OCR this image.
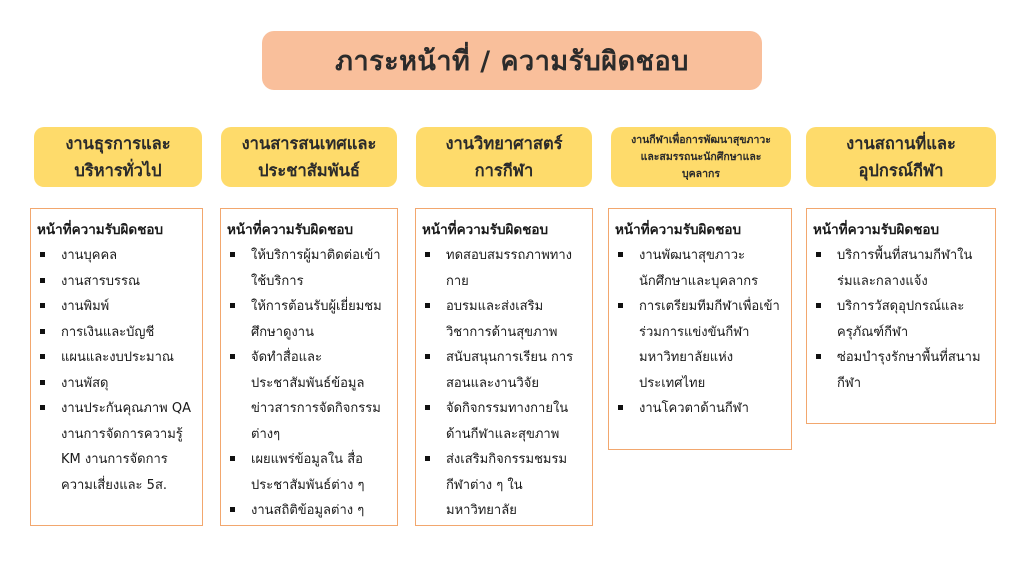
ภาระหน้าที่ / ความรับผิดชอบ
งานธุรการและ
บริหารทั่วไป
หน้าที่ความรับผิดชอบ
งานบุคคล
งานสารบรรณ
งานพิมพ์
การเงินและบัญชี
แผนและงบประมาณ
งานพัสดุ
งานประกันคุณภาพ QA งานการจัดการความรู้ KM งานการจัดการความเสี่ยงและ 5ส.
งานสารสนเทศและ
ประชาสัมพันธ์
หน้าที่ความรับผิดชอบ
ให้บริการผู้มาติดต่อเข้าใช้บริการ
ให้การต้อนรับผู้เยี่ยมชม ศึกษาดูงาน
จัดทำสื่อและประชาสัมพันธ์ข้อมูลข่าวสารการจัดกิจกรรมต่างๆ
เผยแพร่ข้อมูลใน สื่อประชาสัมพันธ์ต่าง ๆ
งานสถิติข้อมูลต่าง ๆ
งานวิทยาศาสตร์
การกีฬา
หน้าที่ความรับผิดชอบ
ทดสอบสมรรถภาพทางกาย
อบรมและส่งเสริมวิชาการด้านสุขภาพ
สนับสนุนการเรียน การสอนและงานวิจัย
จัดกิจกรรมทางกายในด้านกีฬาและสุขภาพ
ส่งเสริมกิจกรรมชมรมกีฬาต่าง ๆ ในมหาวิทยาลัย
งานกีฬาเพื่อการพัฒนาสุขภาวะ
และสมรรถนะนักศึกษาและ
บุคลากร
หน้าที่ความรับผิดชอบ
งานพัฒนาสุขภาวะนักศึกษาและบุคลากร
การเตรียมทีมกีฬาเพื่อเข้าร่วมการแข่งขันกีฬามหาวิทยาลัยแห่งประเทศไทย
งานโควตาด้านกีฬา
งานสถานที่และ
อุปกรณ์กีฬา
หน้าที่ความรับผิดชอบ
บริการพื้นที่สนามกีฬาในร่มและกลางแจ้ง
บริการวัสดุอุปกรณ์และครุภัณฑ์กีฬา
ซ่อมบำรุงรักษาพื้นที่สนามกีฬา
